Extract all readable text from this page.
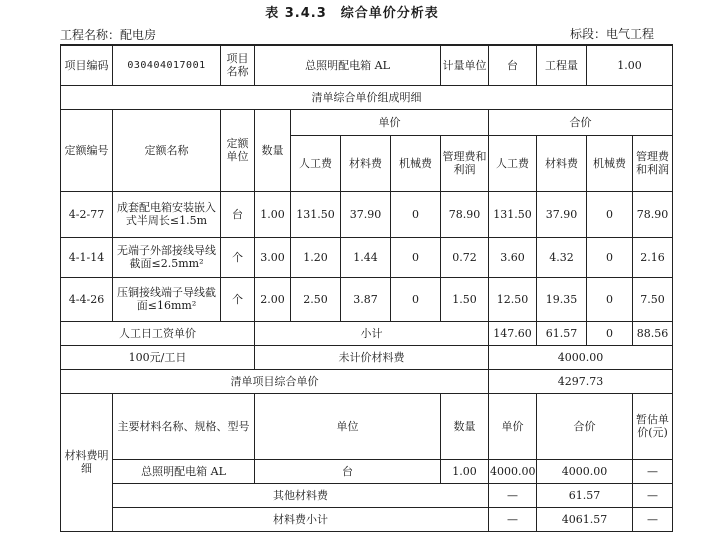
表 3.4.3　综合单价分析表
工程名称：配电房	标段：电气工程
项目编码	030404017001	项目名称	总照明配电箱 AL				计量单位	台	工程量	1.00		
清单综合单价组成明细												
定额编号	定额名称	定额单位	数量	单价				合价				
				人工费	材料费	机械费	管理费和利润	人工费	材料费	机械费	管理费和利润	
4-2-77	成套配电箱安装嵌入式半周长≤1.5m	台	1.00	131.50	37.90	0	78.90	131.50	37.90	0	78.90	
4-1-14	无端子外部接线导线截面≤2.5mm²	个	3.00	1.20	1.44	0	0.72	3.60	4.32	0	2.16	
4-4-26	压铜接线端子导线截面≤16mm²	个	2.00	2.50	3.87	0	1.50	12.50	19.35	0	7.50	
人工日工资单价			小计					147.60	61.57	0	88.56	
100元/工日			未计价材料费					4000.00				
清单项目综合单价								4297.73				
材料费明细	主要材料名称、规格、型号		单位				数量	单价	合价		暂估单价(元)	
	总照明配电箱 AL		台				1.00	4000.00	4000.00		—	
	其他材料费							—	61.57		—	
	材料费小计							—	4061.57		—	
